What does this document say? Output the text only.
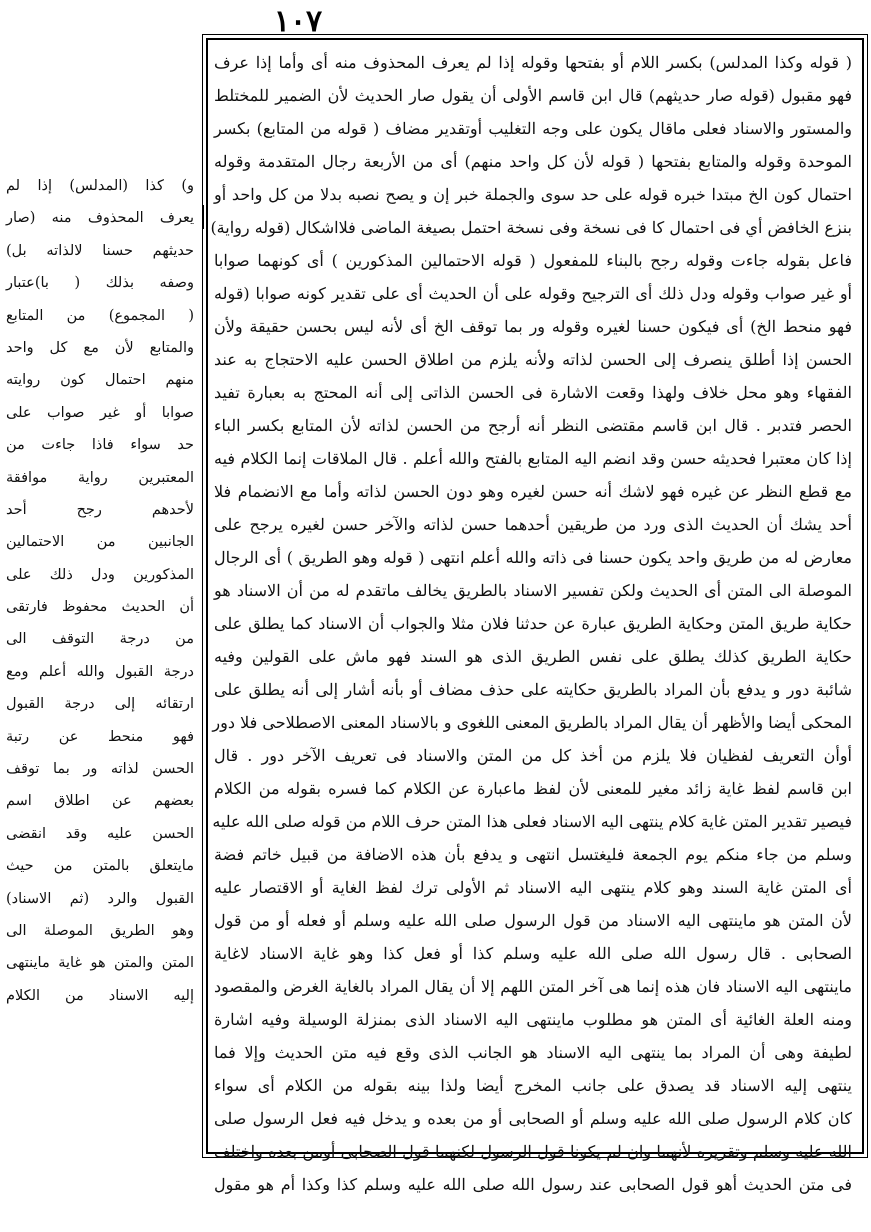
١٠٧
( قوله وكذا المدلس) بكسر اللام أو بفتحها وقوله إذا لم يعرف المحذوف منه أى وأما إذا عرف
فهو مقبول (قوله صار حديثهم) قال ابن قاسم الأولى أن يقول صار الحديث لأن الضمير للمختلط
والمستور والاسناد فعلى ماقال يكون على وجه التغليب أوتقدير مضاف ( قوله من المتابع) بكسر
الموحدة وقوله والمتابع بفتحها ( قوله لأن كل واحد منهم) أى من الأربعة رجال المتقدمة وقوله
احتمال كون الخ مبتدا خبره قوله على حد سوى والجملة خبر إن و يصح نصبه بدلا من كل واحد أو
بنزع الخافض أي فى احتمال كا فى نسخة وفى نسخة احتمل بصيغة الماضى فلااشكال (قوله رواية)
فاعل بقوله جاءت وقوله رجح بالبناء للمفعول ( قوله الاحتمالين المذكورين ) أى كونهما صوابا
أو غير صواب وقوله ودل ذلك أى الترجيح وقوله على أن الحديث أى على تقدير كونه صوابا (قوله
فهو منحط الخ) أى فيكون حسنا لغيره وقوله ور بما توقف الخ أى لأنه ليس بحسن حقيقة ولأن
الحسن إذا أطلق ينصرف إلى الحسن لذاته ولأنه يلزم من اطلاق الحسن عليه الاحتجاج به عند
الفقهاء وهو محل خلاف ولهذا وقعت الاشارة فى الحسن الذاتى إلى أنه المحتج به بعبارة تفيد
الحصر فتدبر . قال ابن قاسم مقتضى النظر أنه أرجح من الحسن لذاته لأن المتابع بكسر الباء
إذا كان معتبرا فحديثه حسن وقد انضم اليه المتابع بالفتح والله أعلم . قال الملاقات إنما الكلام فيه
مع قطع النظر عن غيره فهو لاشك أنه حسن لغيره وهو دون الحسن لذاته وأما مع الانضمام فلا
أحد يشك أن الحديث الذى ورد من طريقين أحدهما حسن لذاته والآخر حسن لغيره يرجح على
معارض له من طريق واحد يكون حسنا فى ذاته والله أعلم انتهى ( قوله وهو الطريق ) أى الرجال
الموصلة الى المتن أى الحديث ولكن تفسير الاسناد بالطريق يخالف ماتقدم له من أن الاسناد هو
حكاية طريق المتن وحكاية الطريق عبارة عن حدثنا فلان مثلا والجواب أن الاسناد كما يطلق على
حكاية الطريق كذلك يطلق على نفس الطريق الذى هو السند فهو ماش على القولين وفيه
شائبة دور و يدفع بأن المراد بالطريق حكايته على حذف مضاف أو بأنه أشار إلى أنه يطلق على
المحكى أيضا والأظهر أن يقال المراد بالطريق المعنى اللغوى و بالاسناد المعنى الاصطلاحى فلا دور
أوأن التعريف لفظيان فلا يلزم من أخذ كل من المتن والاسناد فى تعريف الآخر دور . قال
ابن قاسم لفظ غاية زائد مغير للمعنى لأن لفظ ماعبارة عن الكلام كما فسره بقوله من الكلام
فيصير تقدير المتن غاية كلام ينتهى اليه الاسناد فعلى هذا المتن حرف اللام من قوله صلى الله عليه
وسلم من جاء منكم يوم الجمعة فليغتسل انتهى و يدفع بأن هذه الاضافة من قبيل خاتم فضة
أى المتن غاية السند وهو كلام ينتهى اليه الاسناد ثم الأولى ترك لفظ الغاية أو الاقتصار عليه
لأن المتن هو ماينتهى اليه الاسناد من قول الرسول صلى الله عليه وسلم أو فعله أو من قول
الصحابى . قال رسول الله صلى الله عليه وسلم كذا أو فعل كذا وهو غاية الاسناد لاغاية
ماينتهى اليه الاسناد فان هذه إنما هى آخر المتن اللهم إلا أن يقال المراد بالغاية الغرض والمقصود
ومنه العلة الغائية أى المتن هو مطلوب ماينتهى اليه الاسناد الذى بمنزلة الوسيلة وفيه اشارة
لطيفة وهى أن المراد بما ينتهى اليه الاسناد هو الجانب الذى وقع فيه متن الحديث وإلا فما
ينتهى إليه الاسناد قد يصدق على جانب المخرج أيضا ولذا بينه بقوله من الكلام أى سواء
كان كلام الرسول صلى الله عليه وسلم أو الصحابى أو من بعده و يدخل فيه فعل الرسول صلى
الله عليه وسلم وتقريره لأنهما وان لم يكونا قول الرسول لكنهما قول الصحابى أومن بعده واختلف
فى متن الحديث أهو قول الصحابى عند رسول الله صلى الله عليه وسلم كذا وكذا أم هو مقول
و) كذا (المدلس) إذا لم
يعرف المحذوف منه (صار
حديثهم حسنا لالذاته بل)
وصفه بذلك ( با)عتبار
( المجموع) من المتابع
والمتابع لأن مع كل واحد
منهم احتمال كون روايته
صوابا أو غير صواب على
حد سواء فاذا جاءت من
المعتبرين رواية موافقة
لأحدهم رجح أحد
الجانبين من الاحتمالين
المذكورين ودل ذلك على
أن الحديث محفوظ فارتقى
من درجة التوقف الى
درجة القبول والله أعلم ومع
ارتقائه إلى درجة القبول
فهو منحط عن رتبة
الحسن لذاته ور بما توقف
بعضهم عن اطلاق اسم
الحسن عليه وقد انقضى
مايتعلق بالمتن من حيث
القبول والرد (ثم الاسناد)
وهو الطريق الموصلة الى
المتن والمتن هو غاية ماينتهى
إليه الاسناد من الكلام
